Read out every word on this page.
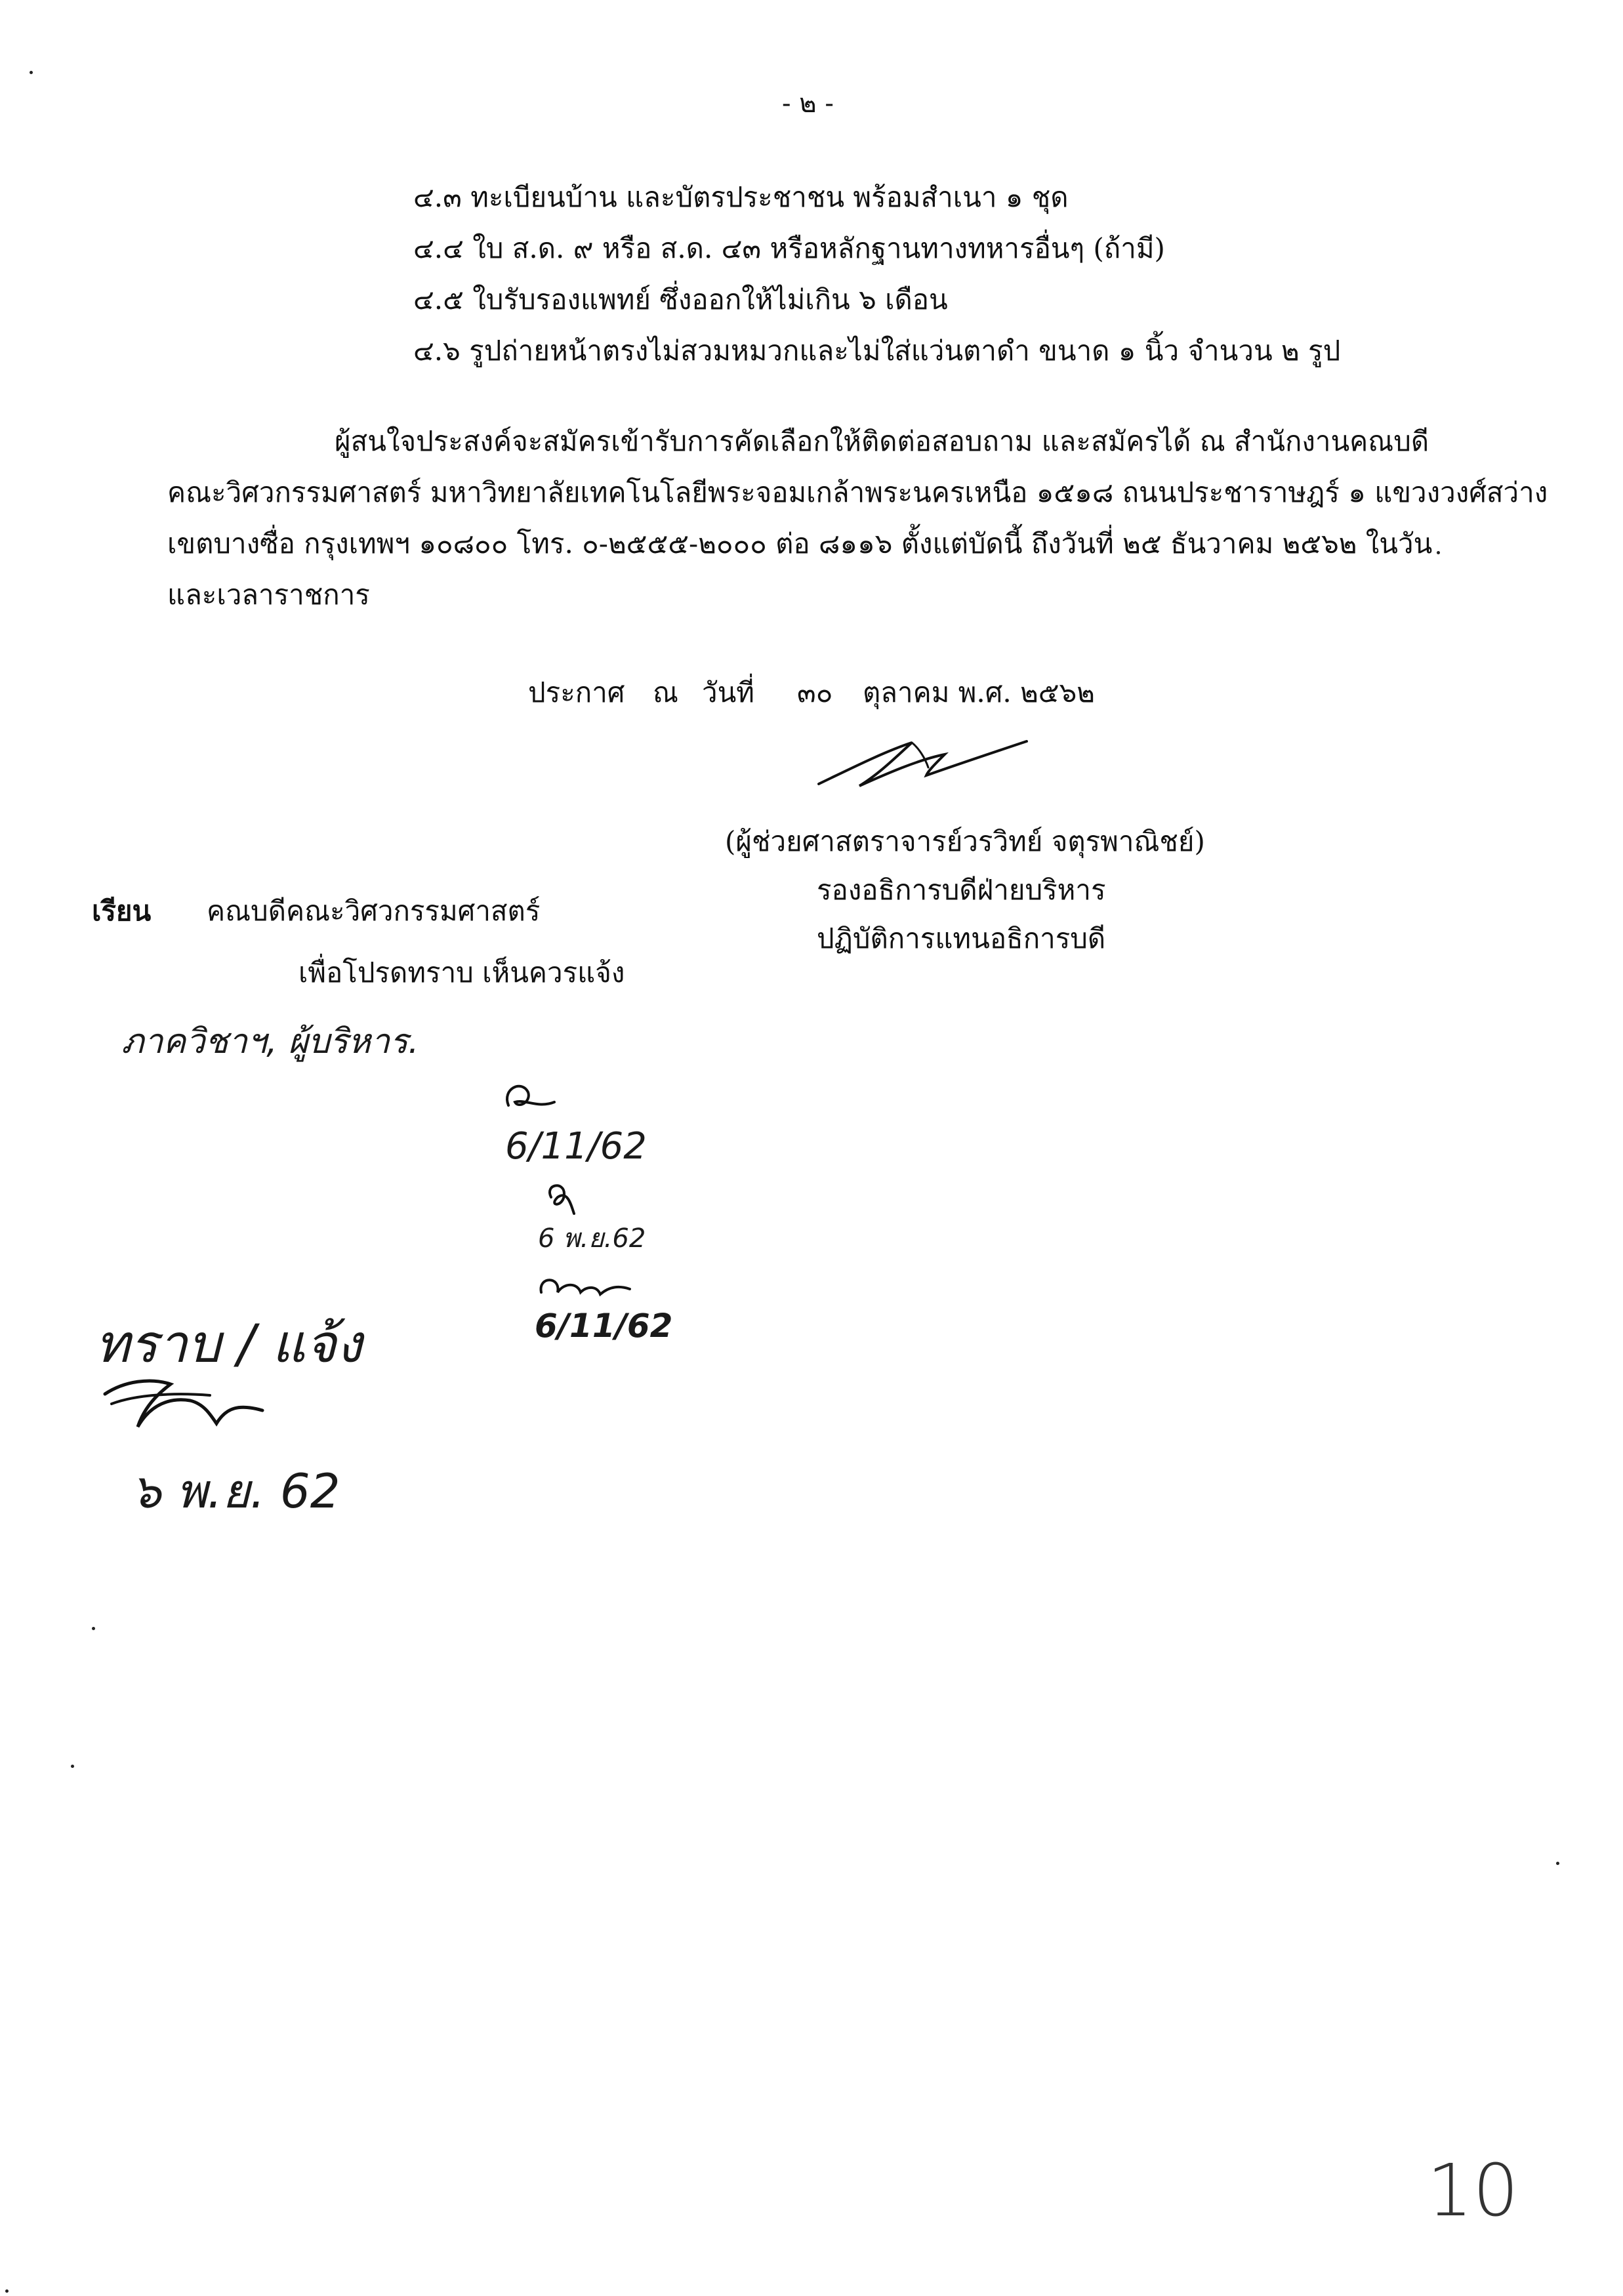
- ๒ -
๔.๓ ทะเบียนบ้าน และบัตรประชาชน พร้อมสำเนา ๑ ชุด
๔.๔ ใบ ส.ด. ๙ หรือ ส.ด. ๔๓ หรือหลักฐานทางทหารอื่นๆ (ถ้ามี)
๔.๕ ใบรับรองแพทย์ ซึ่งออกให้ไม่เกิน ๖ เดือน
๔.๖ รูปถ่ายหน้าตรงไม่สวมหมวกและไม่ใส่แว่นตาดำ ขนาด ๑ นิ้ว จำนวน ๒ รูป
ผู้สนใจประสงค์จะสมัครเข้ารับการคัดเลือกให้ติดต่อสอบถาม และสมัครได้ ณ สำนักงานคณบดี
คณะวิศวกรรมศาสตร์ มหาวิทยาลัยเทคโนโลยีพระจอมเกล้าพระนครเหนือ ๑๕๑๘ ถนนประชาราษฎร์ ๑ แขวงวงศ์สว่าง
เขตบางซื่อ กรุงเทพฯ ๑๐๘๐๐ โทร. ๐-๒๕๕๕-๒๐๐๐ ต่อ ๘๑๑๖ ตั้งแต่บัดนี้ ถึงวันที่ ๒๕ ธันวาคม ๒๕๖๒ ในวัน
และเวลาราชการ
ประกาศ ณ วันที่ ๓๐ ตุลาคม พ.ศ. ๒๕๖๒
(ผู้ช่วยศาสตราจารย์วรวิทย์ จตุรพาณิชย์)
รองอธิการบดีฝ่ายบริหาร
ปฏิบัติการแทนอธิการบดี
เรียน คณบดีคณะวิศวกรรมศาสตร์
เพื่อโปรดทราบ เห็นควรแจ้ง
ภาควิชาฯ, ผู้บริหาร.
6/11/62
6 พ.ย.62
6/11/62
ทราบ / แจ้ง
๖ พ.ย. 62
10
